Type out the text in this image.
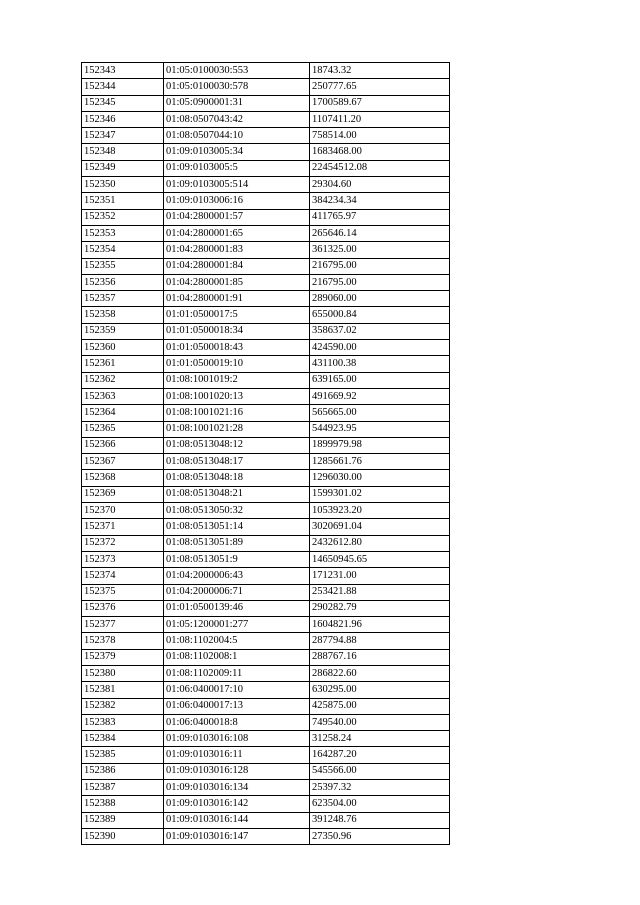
152343	01:05:0100030:553	18743.32
152344	01:05:0100030:578	250777.65
152345	01:05:0900001:31	1700589.67
152346	01:08:0507043:42	1107411.20
152347	01:08:0507044:10	758514.00
152348	01:09:0103005:34	1683468.00
152349	01:09:0103005:5	22454512.08
152350	01:09:0103005:514	29304.60
152351	01:09:0103006:16	384234.34
152352	01:04:2800001:57	411765.97
152353	01:04:2800001:65	265646.14
152354	01:04:2800001:83	361325.00
152355	01:04:2800001:84	216795.00
152356	01:04:2800001:85	216795.00
152357	01:04:2800001:91	289060.00
152358	01:01:0500017:5	655000.84
152359	01:01:0500018:34	358637.02
152360	01:01:0500018:43	424590.00
152361	01:01:0500019:10	431100.38
152362	01:08:1001019:2	639165.00
152363	01:08:1001020:13	491669.92
152364	01:08:1001021:16	565665.00
152365	01:08:1001021:28	544923.95
152366	01:08:0513048:12	1899979.98
152367	01:08:0513048:17	1285661.76
152368	01:08:0513048:18	1296030.00
152369	01:08:0513048:21	1599301.02
152370	01:08:0513050:32	1053923.20
152371	01:08:0513051:14	3020691.04
152372	01:08:0513051:89	2432612.80
152373	01:08:0513051:9	14650945.65
152374	01:04:2000006:43	171231.00
152375	01:04:2000006:71	253421.88
152376	01:01:0500139:46	290282.79
152377	01:05:1200001:277	1604821.96
152378	01:08:1102004:5	287794.88
152379	01:08:1102008:1	288767.16
152380	01:08:1102009:11	286822.60
152381	01:06:0400017:10	630295.00
152382	01:06:0400017:13	425875.00
152383	01:06:0400018:8	749540.00
152384	01:09:0103016:108	31258.24
152385	01:09:0103016:11	164287.20
152386	01:09:0103016:128	545566.00
152387	01:09:0103016:134	25397.32
152388	01:09:0103016:142	623504.00
152389	01:09:0103016:144	391248.76
152390	01:09:0103016:147	27350.96
